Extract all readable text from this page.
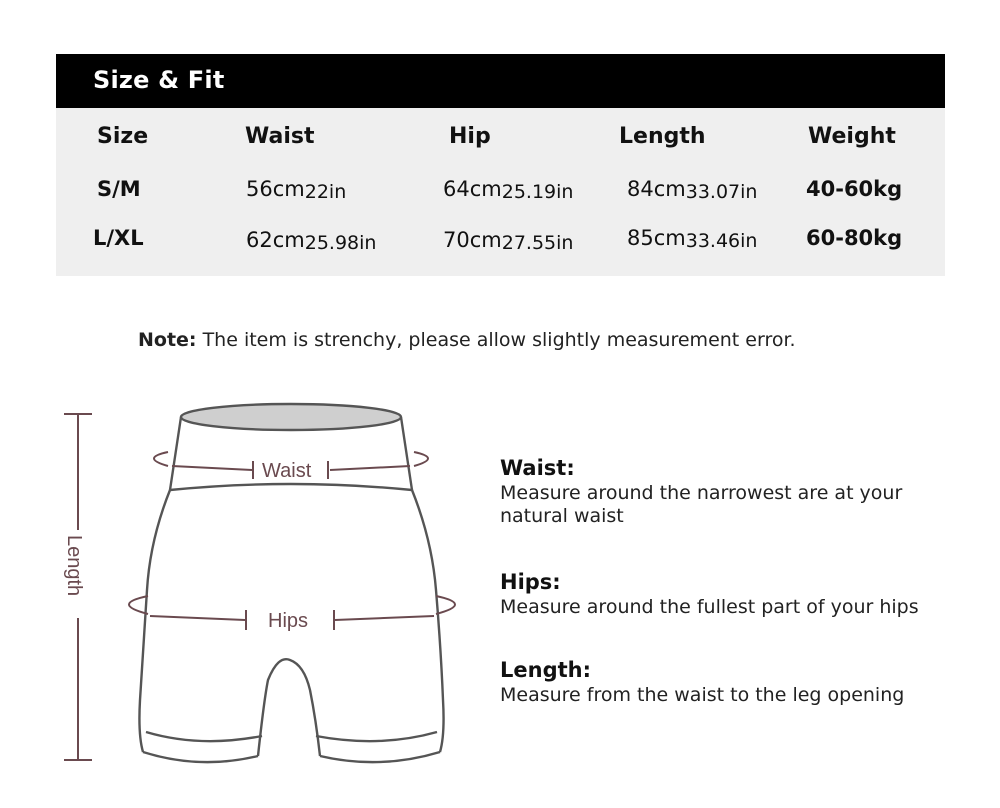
Size & Fit
Size	Waist	Hip	Length	Weight
S/M	56cm22in	64cm25.19in	84cm33.07in 40-60kg
L/XL	62cm25.98in	70cm27.55in	85cm33.46in 60-80kg
Note: The item is strenchy, please allow slightly measurement error.
Waist
Hips
Length
Waist:
Measure around the narrowest are at your
natural waist
Hips:
Measure around the fullest part of your hips
Length:
Measure from the waist to the leg opening
